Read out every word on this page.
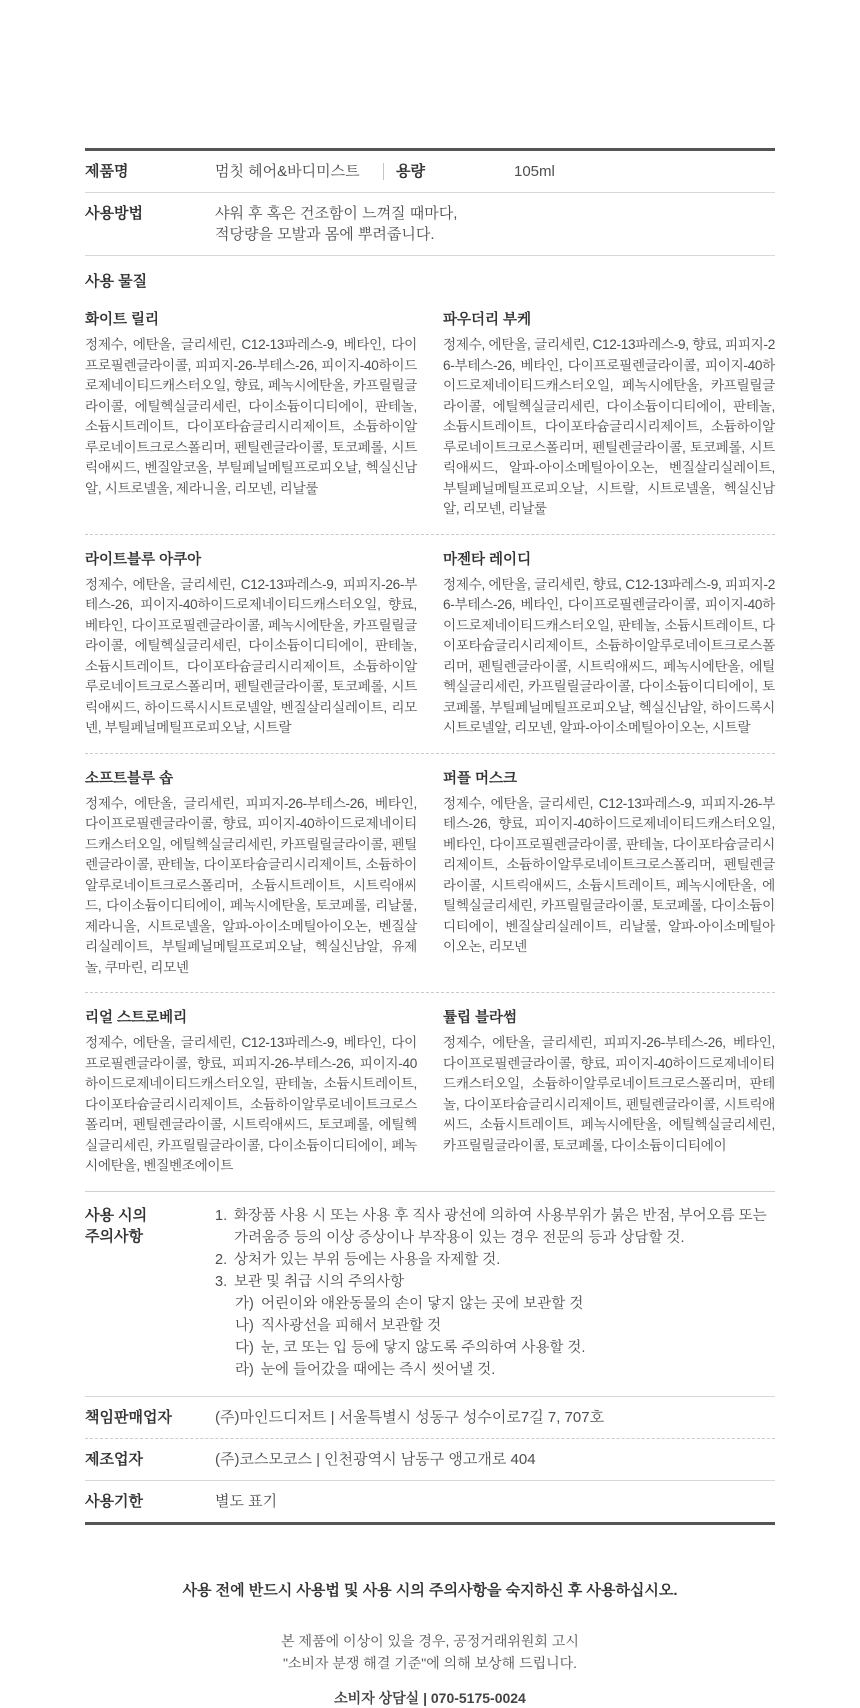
제품명	멈칫 헤어&바디미스트	용량	105ml
사용방법	샤워 후 혹은 건조함이 느껴질 때마다,
적당량을 모발과 몸에 뿌려줍니다.
사용 물질
화이트 릴리
정제수, 에탄올, 글리세린, C12-13파레스-9, 베타인, 다이프로필렌글라이콜, 피피지-26-부테스-26, 피이지-40하이드로제네이티드캐스터오일, 향료, 페녹시에탄올, 카프릴릴글라이콜, 에틸헥실글리세린, 다이소듐이디티에이, 판테놀, 소듐시트레이트, 다이포타슘글리시리제이트, 소듐하이알루로네이트크로스폴리머, 펜틸렌글라이콜, 토코페롤, 시트릭애씨드, 벤질알코올, 부틸페닐메틸프로피오날, 헥실신남알, 시트로넬올, 제라니올, 리모넨, 리날룰
파우더리 부케
정제수, 에탄올, 글리세린, C12-13파레스-9, 향료, 피피지-26-부테스-26, 베타인, 다이프로필렌글라이콜, 피이지-40하이드로제네이티드캐스터오일, 페녹시에탄올, 카프릴릴글라이콜, 에틸헥실글리세린, 다이소듐이디티에이, 판테놀, 소듐시트레이트, 다이포타슘글리시리제이트, 소듐하이알루로네이트크로스폴리머, 펜틸렌글라이콜, 토코페롤, 시트릭애씨드, 알파-아이소메틸아이오논, 벤질살리실레이트, 부틸페닐메틸프로피오날, 시트랄, 시트로넬올, 헥실신남알, 리모넨, 리날룰
라이트블루 아쿠아
정제수, 에탄올, 글리세린, C12-13파레스-9, 피피지-26-부테스-26, 피이지-40하이드로제네이티드캐스터오일, 향료, 베타인, 다이프로필렌글라이콜, 페녹시에탄올, 카프릴릴글라이콜, 에틸헥실글리세린, 다이소듐이디티에이, 판테놀, 소듐시트레이트, 다이포타슘글리시리제이트, 소듐하이알루로네이트크로스폴리머, 펜틸렌글라이콜, 토코페롤, 시트릭애씨드, 하이드록시시트로넬알, 벤질살리실레이트, 리모넨, 부틸페닐메틸프로피오날, 시트랄
마젠타 레이디
정제수, 에탄올, 글리세린, 향료, C12-13파레스-9, 피피지-26-부테스-26, 베타인, 다이프로필렌글라이콜, 피이지-40하이드로제네이티드캐스터오일, 판테놀, 소듐시트레이트, 다이포타슘글리시리제이트, 소듐하이알루로네이트크로스폴리머, 펜틸렌글라이콜, 시트릭애씨드, 페녹시에탄올, 에틸헥실글리세린, 카프릴릴글라이콜, 다이소듐이디티에이, 토코페롤, 부틸페닐메틸프로피오날, 헥실신남알, 하이드록시시트로넬알, 리모넨, 알파-아이소메틸아이오논, 시트랄
소프트블루 솝
정제수, 에탄올, 글리세린, 피피지-26-부테스-26, 베타인, 다이프로필렌글라이콜, 향료, 피이지-40하이드로제네이티드캐스터오일, 에틸헥실글리세린, 카프릴릴글라이콜, 펜틸렌글라이콜, 판테놀, 다이포타슘글리시리제이트, 소듐하이알루로네이트크로스폴리머, 소듐시트레이트, 시트릭애씨드, 다이소듐이디티에이, 페녹시에탄올, 토코페롤, 리날룰, 제라니올, 시트로넬올, 알파-아이소메틸아이오논, 벤질살리실레이트, 부틸페닐메틸프로피오날, 헥실신남알, 유제놀, 쿠마린, 리모넨
퍼플 머스크
정제수, 에탄올, 글리세린, C12-13파레스-9, 피피지-26-부테스-26, 향료, 피이지-40하이드로제네이티드캐스터오일, 베타인, 다이프로필렌글라이콜, 판테놀, 다이포타슘글리시리제이트, 소듐하이알루로네이트크로스폴리머, 펜틸렌글라이콜, 시트릭애씨드, 소듐시트레이트, 페녹시에탄올, 에틸헥실글리세린, 카프릴릴글라이콜, 토코페롤, 다이소듐이디티에이, 벤질살리실레이트, 리날룰, 알파-아이소메틸아이오논, 리모넨
리얼 스트로베리
정제수, 에탄올, 글리세린, C12-13파레스-9, 베타인, 다이프로필렌글라이콜, 향료, 피피지-26-부테스-26, 피이지-40하이드로제네이티드캐스터오일, 판테놀, 소듐시트레이트, 다이포타슘글리시리제이트, 소듐하이알루로네이트크로스폴리머, 펜틸렌글라이콜, 시트릭애씨드, 토코페롤, 에틸헥실글리세린, 카프릴릴글라이콜, 다이소듐이디티에이, 페녹시에탄올, 벤질벤조에이트
튤립 블라썸
정제수, 에탄올, 글리세린, 피피지-26-부테스-26, 베타인, 다이프로필렌글라이콜, 향료, 피이지-40하이드로제네이티드캐스터오일, 소듐하이알루로네이트크로스폴리머, 판테놀, 다이포타슘글리시리제이트, 펜틸렌글라이콜, 시트릭애씨드, 소듐시트레이트, 페녹시에탄올, 에틸헥실글리세린, 카프릴릴글라이콜, 토코페롤, 다이소듐이디티에이
사용 시의
주의사항
1. 화장품 사용 시 또는 사용 후 직사 광선에 의하여 사용부위가 붉은 반점, 부어오름 또는 가려움증 등의 이상 증상이나 부작용이 있는 경우 전문의 등과 상담할 것.
2. 상처가 있는 부위 등에는 사용을 자제할 것.
3. 보관 및 취급 시의 주의사항
가) 어린이와 애완동물의 손이 닿지 않는 곳에 보관할 것
나) 직사광선을 피해서 보관할 것
다) 눈, 코 또는 입 등에 닿지 않도록 주의하여 사용할 것.
라) 눈에 들어갔을 때에는 즉시 씻어낼 것.
책임판매업자	(주)마인드디저트 | 서울특별시 성동구 성수이로7길 7, 707호
제조업자	(주)코스모코스 | 인천광역시 남동구 앵고개로 404
사용기한	별도 표기
사용 전에 반드시 사용법 및 사용 시의 주의사항을 숙지하신 후 사용하십시오.
본 제품에 이상이 있을 경우, 공정거래위원회 고시
"소비자 분쟁 해결 기준"에 의해 보상해 드립니다.
소비자 상담실 | 070-5175-0024
